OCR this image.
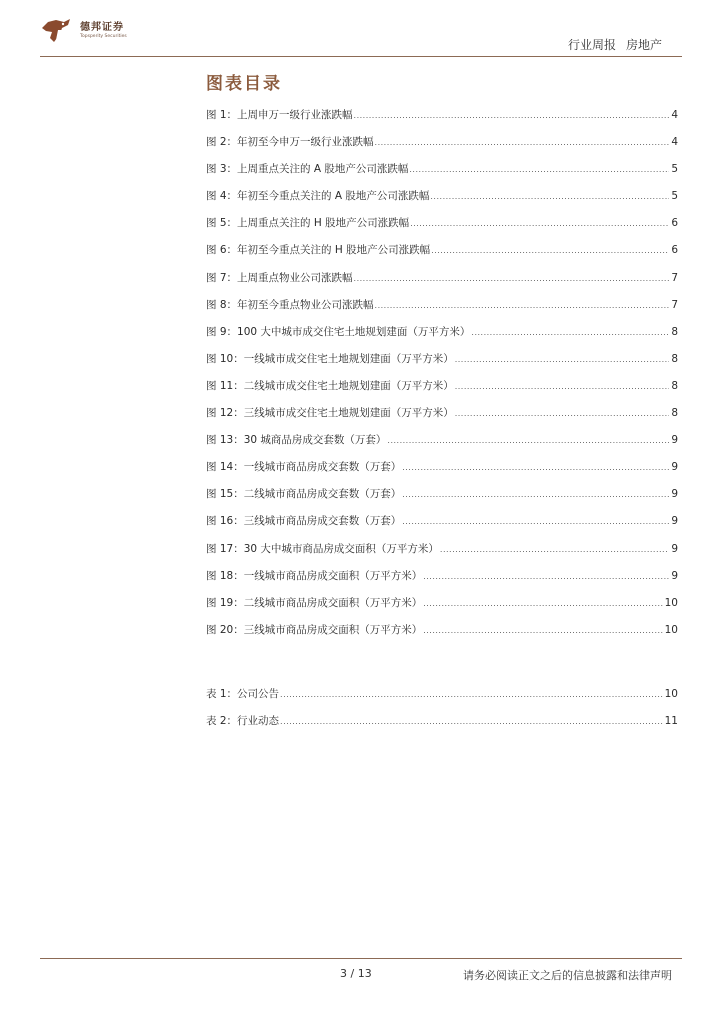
德邦证券
Topsperity Securities
行业周报 房地产
图表目录
图 1：上周申万一级行业涨跌幅 .....	4
图 2：年初至今申万一级行业涨跌幅 .....	4
图 3：上周重点关注的 A 股地产公司涨跌幅 .....	5
图 4：年初至今重点关注的 A 股地产公司涨跌幅 .....	5
图 5：上周重点关注的 H 股地产公司涨跌幅 .....	6
图 6：年初至今重点关注的 H 股地产公司涨跌幅 .....	6
图 7：上周重点物业公司涨跌幅 .....	7
图 8：年初至今重点物业公司涨跌幅 .....	7
图 9：100 大中城市成交住宅土地规划建面（万平方米） .....	8
图 10：一线城市成交住宅土地规划建面（万平方米） .....	8
图 11：二线城市成交住宅土地规划建面（万平方米） .....	8
图 12：三线城市成交住宅土地规划建面（万平方米） .....	8
图 13：30 城商品房成交套数（万套） .....	9
图 14：一线城市商品房成交套数（万套） .....	9
图 15：二线城市商品房成交套数（万套） .....	9
图 16：三线城市商品房成交套数（万套） .....	9
图 17：30 大中城市商品房成交面积（万平方米） .....	9
图 18：一线城市商品房成交面积（万平方米） .....	9
图 19：二线城市商品房成交面积（万平方米） .....	10
图 20：三线城市商品房成交面积（万平方米） .....	10
表 1：公司公告 .....	10
表 2：行业动态 .....	11
3 / 13	请务必阅读正文之后的信息披露和法律声明
